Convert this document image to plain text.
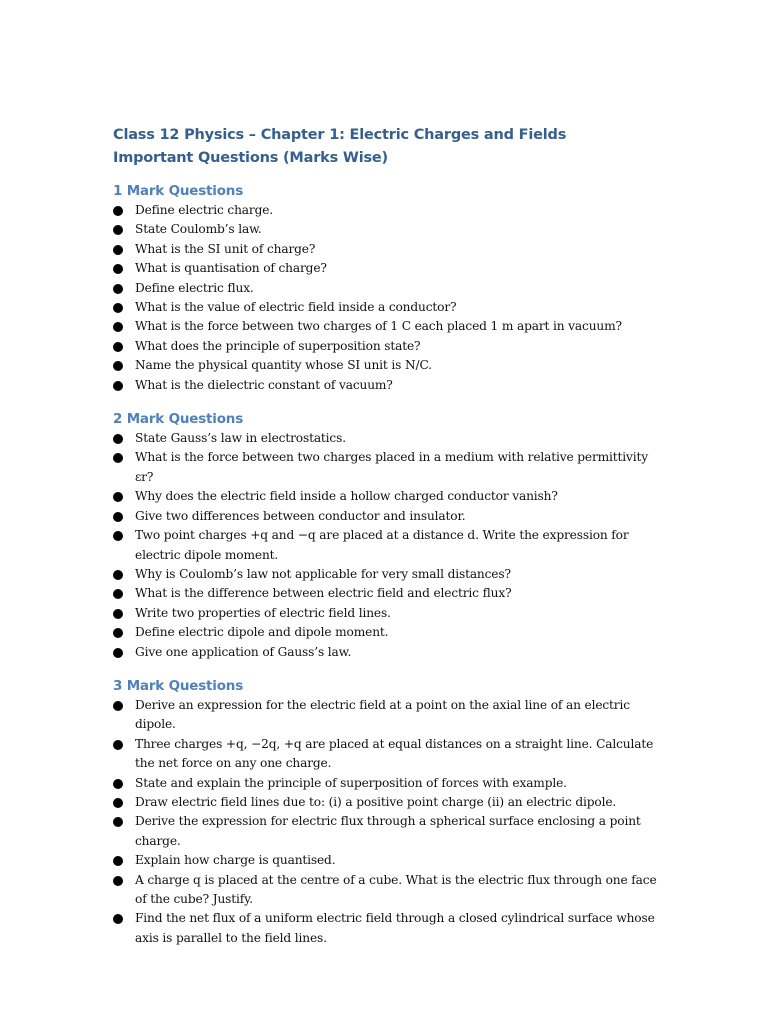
Class 12 Physics – Chapter 1: Electric Charges and Fields
Important Questions (Marks Wise)
1 Mark Questions
Define electric charge.
State Coulomb’s law.
What is the SI unit of charge?
What is quantisation of charge?
Define electric flux.
What is the value of electric field inside a conductor?
What is the force between two charges of 1 C each placed 1 m apart in vacuum?
What does the principle of superposition state?
Name the physical quantity whose SI unit is N/C.
What is the dielectric constant of vacuum?
2 Mark Questions
State Gauss’s law in electrostatics.
What is the force between two charges placed in a medium with relative permittivity εr?
Why does the electric field inside a hollow charged conductor vanish?
Give two differences between conductor and insulator.
Two point charges +q and −q are placed at a distance d. Write the expression for electric dipole moment.
Why is Coulomb’s law not applicable for very small distances?
What is the difference between electric field and electric flux?
Write two properties of electric field lines.
Define electric dipole and dipole moment.
Give one application of Gauss’s law.
3 Mark Questions
Derive an expression for the electric field at a point on the axial line of an electric dipole.
Three charges +q, −2q, +q are placed at equal distances on a straight line. Calculate the net force on any one charge.
State and explain the principle of superposition of forces with example.
Draw electric field lines due to: (i) a positive point charge (ii) an electric dipole.
Derive the expression for electric flux through a spherical surface enclosing a point charge.
Explain how charge is quantised.
A charge q is placed at the centre of a cube. What is the electric flux through one face of the cube? Justify.
Find the net flux of a uniform electric field through a closed cylindrical surface whose axis is parallel to the field lines.
